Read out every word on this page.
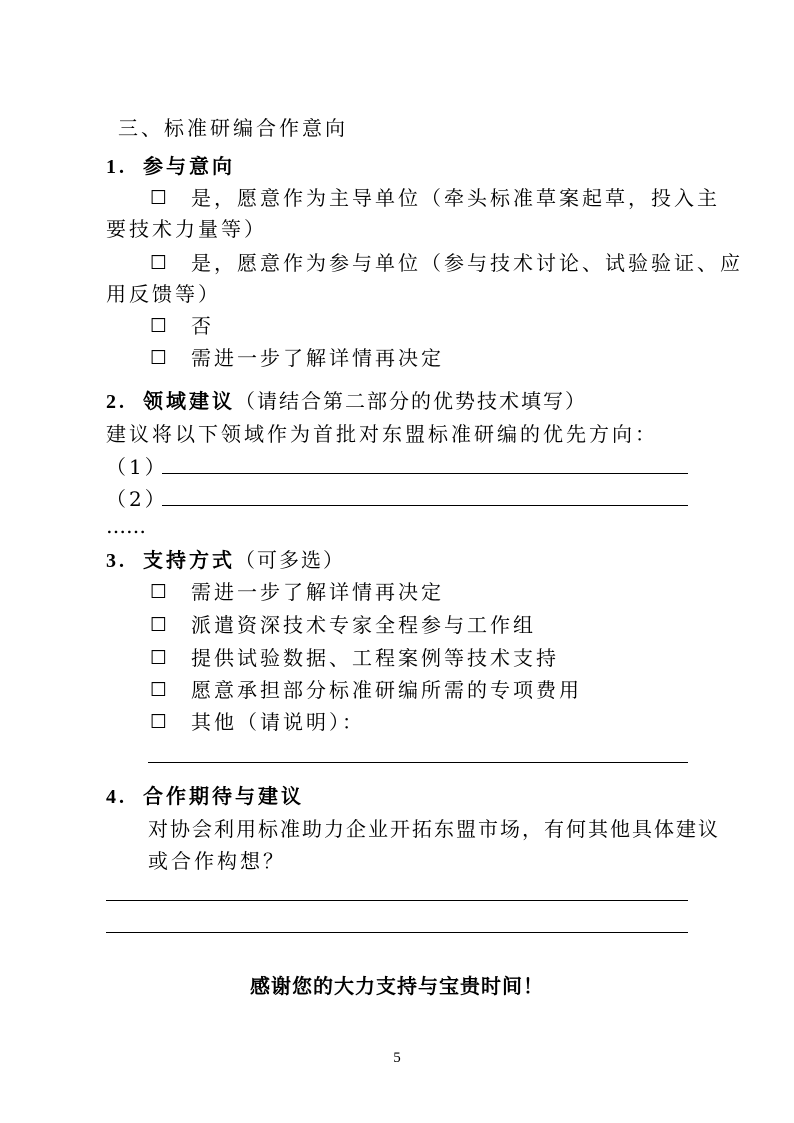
三、标准研编合作意向
1. 参与意向
☐ 是，愿意作为主导单位（牵头标准草案起草，投入主
要技术力量等）
☐ 是，愿意作为参与单位（参与技术讨论、试验验证、应
用反馈等）
☐ 否
☐ 需进一步了解详情再决定
2. 领域建议（请结合第二部分的优势技术填写）
建议将以下领域作为首批对东盟标准研编的优先方向：
（1）
（2）
……
3. 支持方式（可多选）
☐ 需进一步了解详情再决定
☐ 派遣资深技术专家全程参与工作组
☐ 提供试验数据、工程案例等技术支持
☐ 愿意承担部分标准研编所需的专项费用
☐ 其他（请说明）：
4. 合作期待与建议
对协会利用标准助力企业开拓东盟市场，有何其他具体建议
或合作构想？
感谢您的大力支持与宝贵时间！
5
